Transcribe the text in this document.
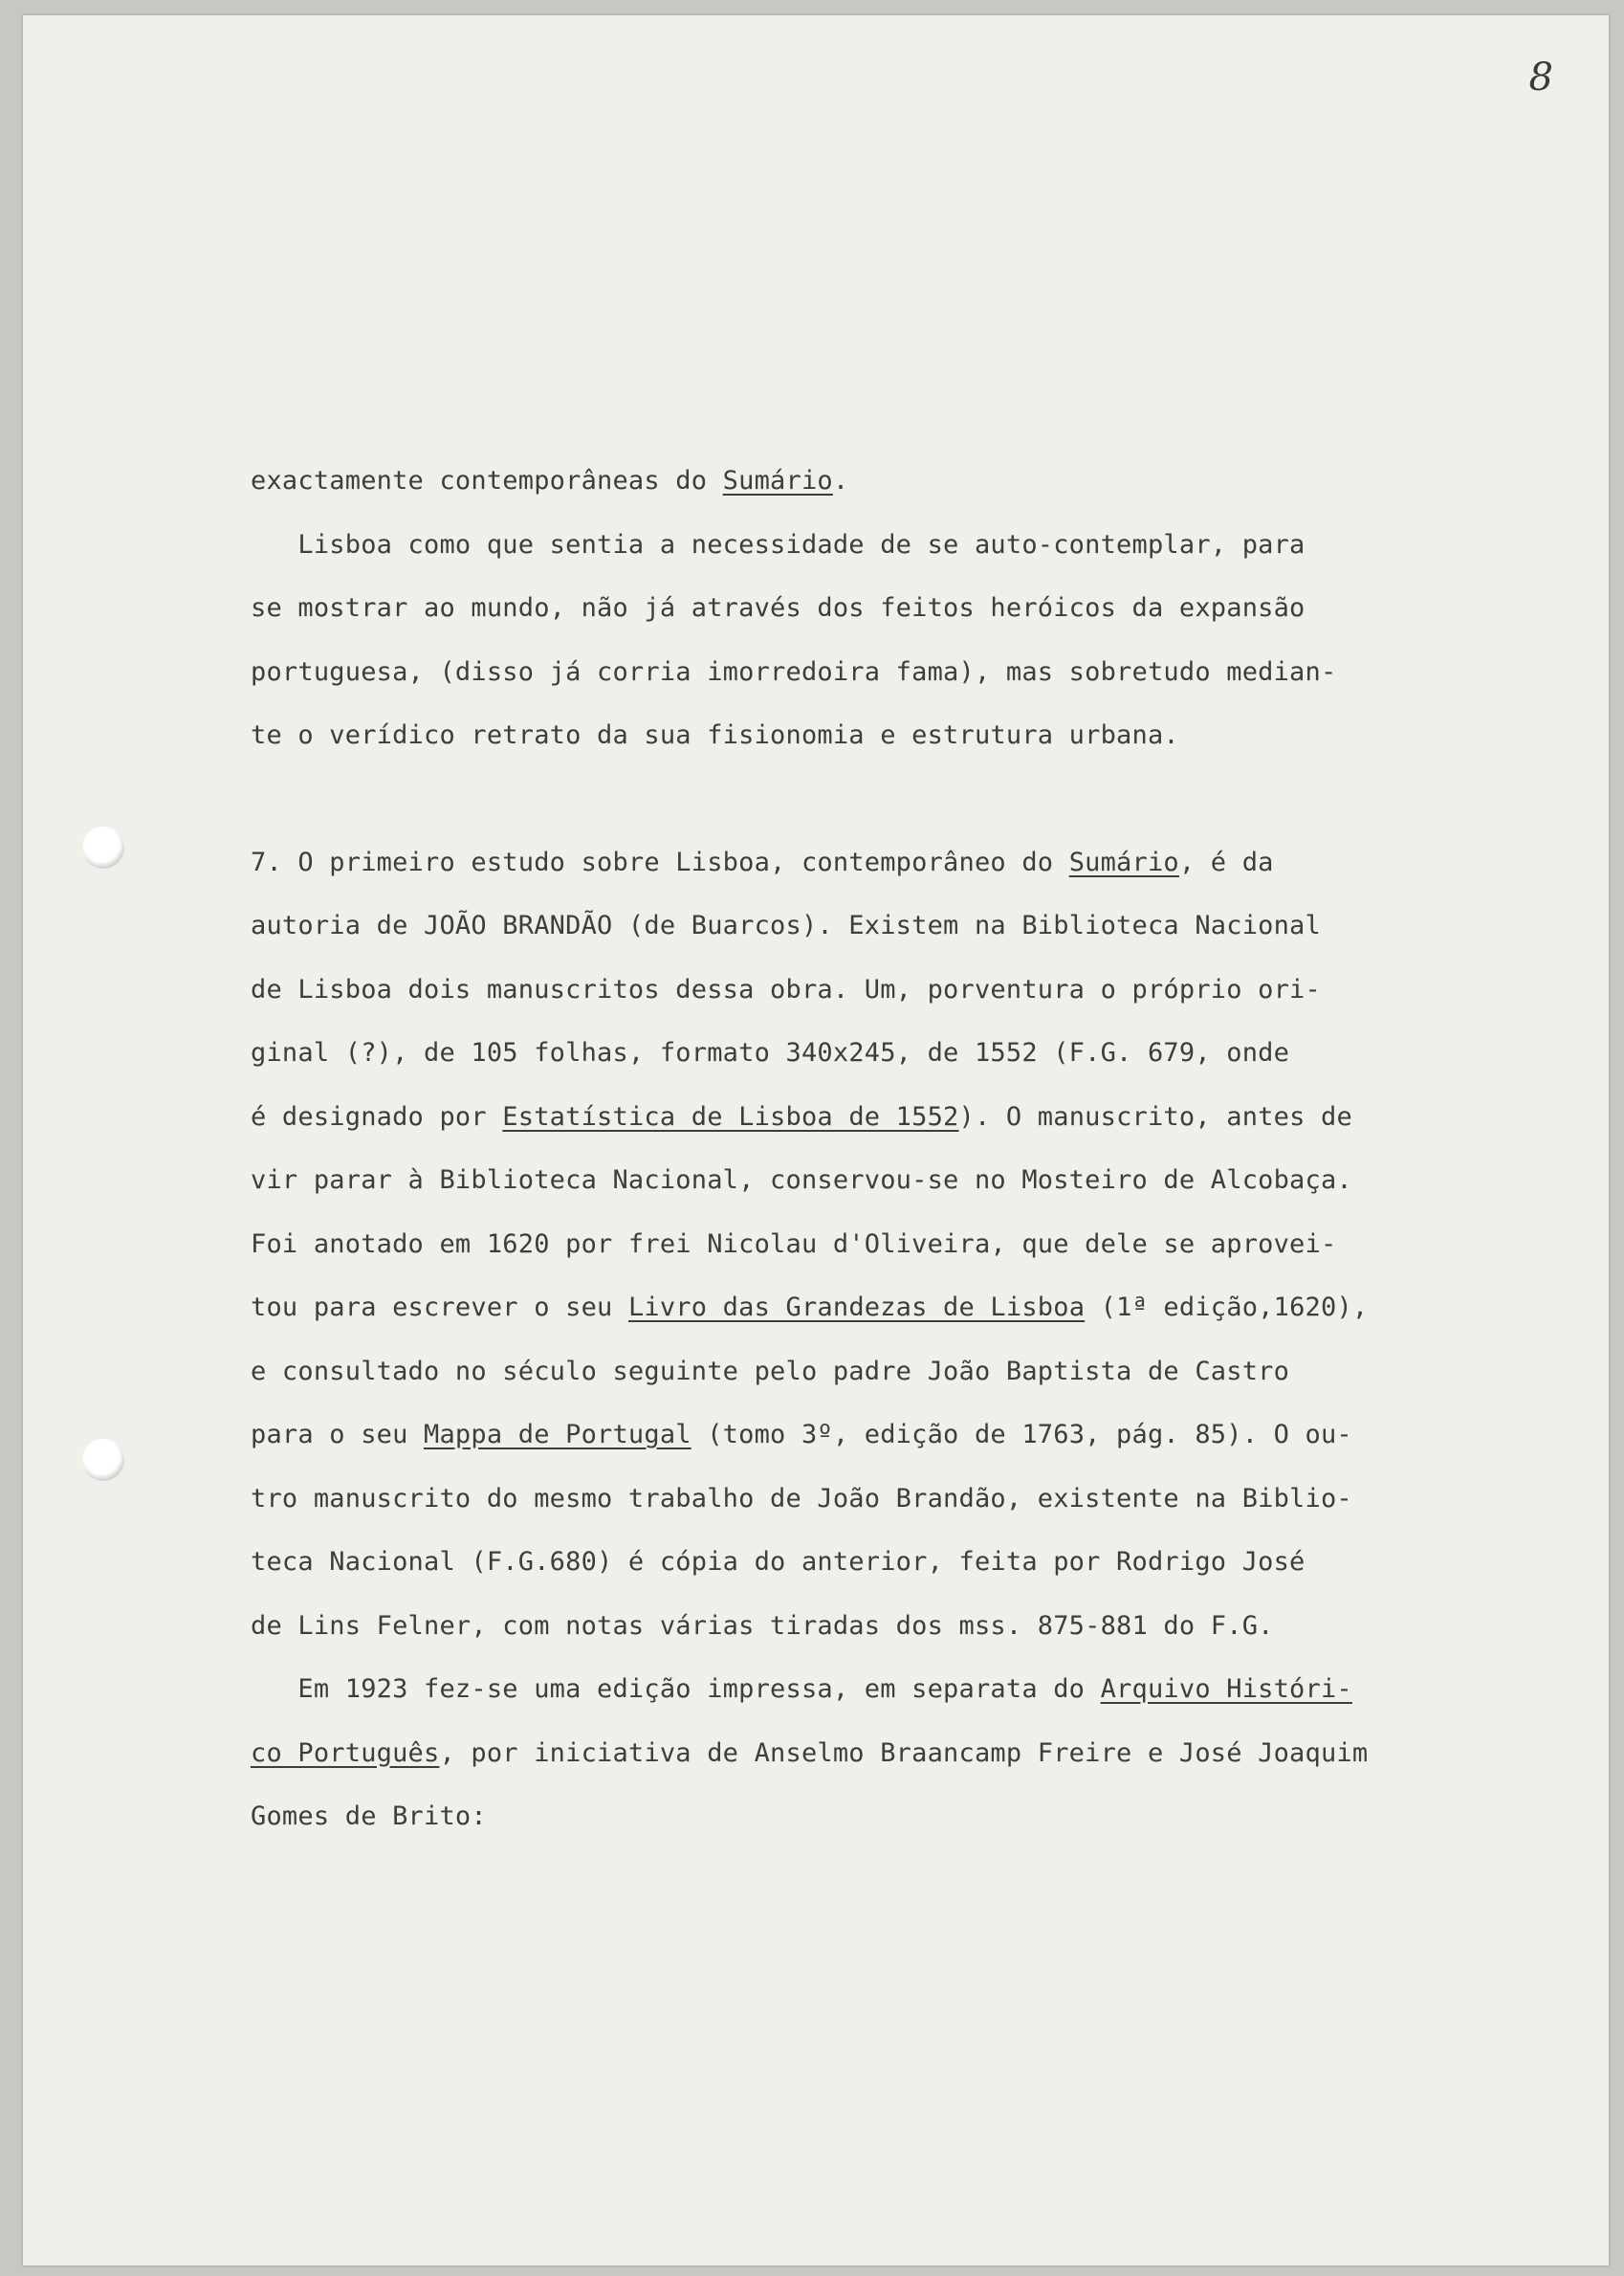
8

exactamente contemporâneas do Sumário.

Lisboa como que sentia a necessidade de se auto-contemplar, para

se mostrar ao mundo, não já através dos feitos heróicos da expansão

portuguesa, (disso já corria imorredoira fama), mas sobretudo median-

te o verídico retrato da sua fisionomia e estrutura urbana.

7. O primeiro estudo sobre Lisboa, contemporâneo do Sumário, é da

autoria de JOÃO BRANDÃO (de Buarcos). Existem na Biblioteca Nacional

de Lisboa dois manuscritos dessa obra. Um, porventura o próprio ori-

ginal (?), de 105 folhas, formato 340x245, de 1552 (F.G. 679, onde

é designado por Estatística de Lisboa de 1552). O manuscrito, antes de

vir parar à Biblioteca Nacional, conservou-se no Mosteiro de Alcobaça.

Foi anotado em 1620 por frei Nicolau d'Oliveira, que dele se aprovei-

tou para escrever o seu Livro das Grandezas de Lisboa (1ª edição,1620),

e consultado no século seguinte pelo padre João Baptista de Castro

para o seu Mappa de Portugal (tomo 3º, edição de 1763, pág. 85). O ou-

tro manuscrito do mesmo trabalho de João Brandão, existente na Biblio-

teca Nacional (F.G.680) é cópia do anterior, feita por Rodrigo José

de Lins Felner, com notas várias tiradas dos mss. 875-881 do F.G.

Em 1923 fez-se uma edição impressa, em separata do Arquivo Históri-

co Português, por iniciativa de Anselmo Braancamp Freire e José Joaquim

Gomes de Brito:
